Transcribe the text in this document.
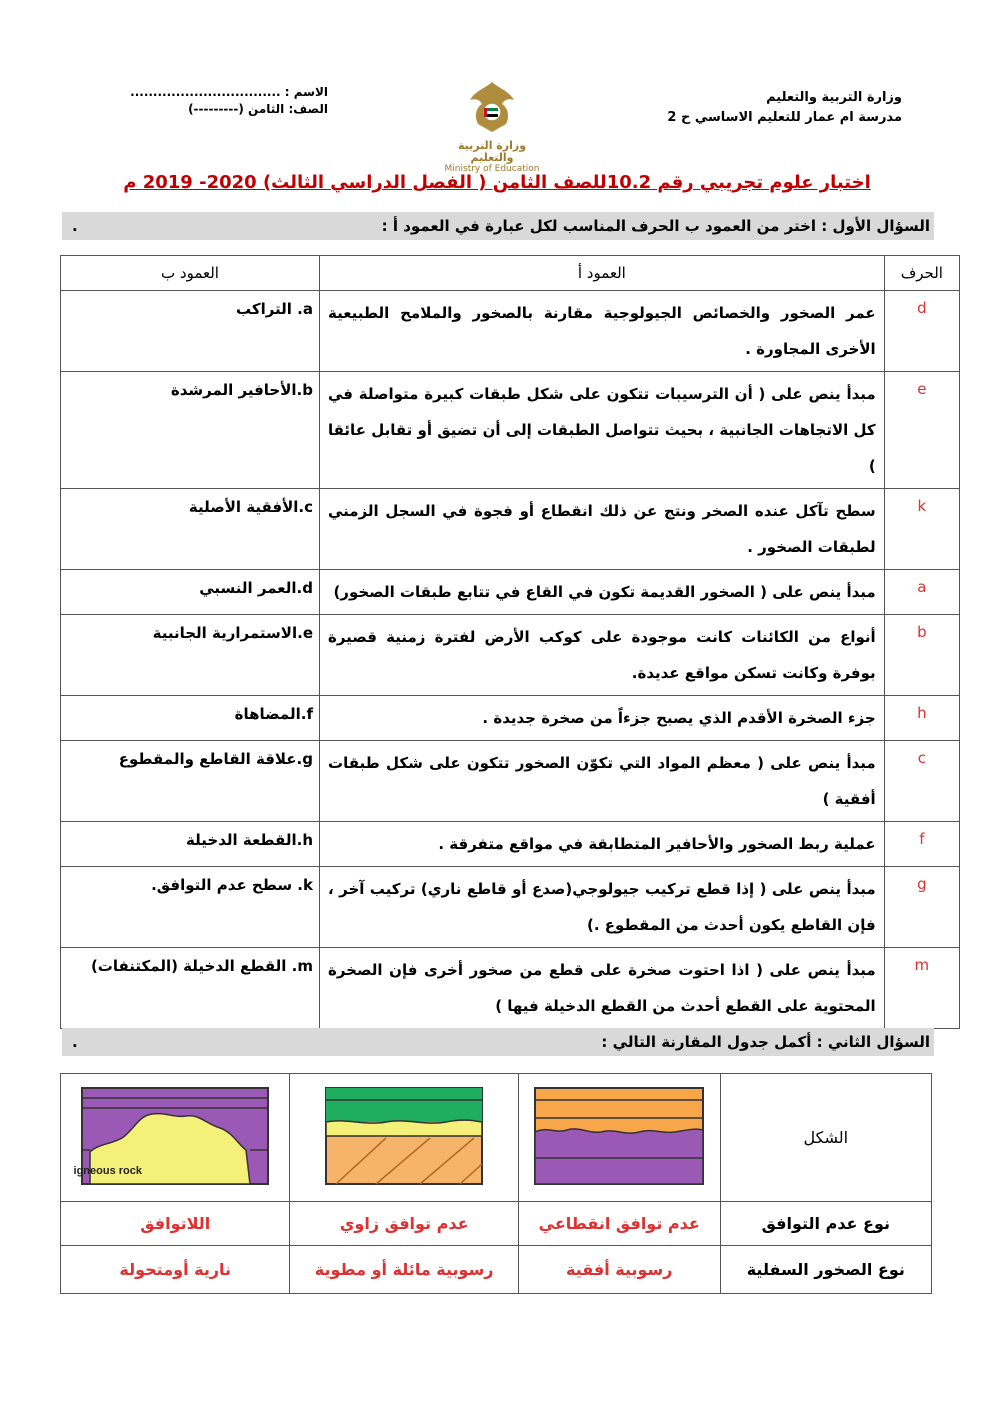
وزارة التربية والتعليم
مدرسة ام عمار للتعليم الاساسي ح 2
وزارة التربية والتعليم
Ministry of Education
الاسم : .................................
الصف: الثامن (---------)
اختبار علوم تجريبي رقم 10.2للصف الثامن ( الفصل الدراسي الثالث) 2020- 2019 م
السؤال الأول : اختر من العمود ب الحرف المناسب لكل عبارة في العمود أ :
.
الحرف	العمود أ	العمود ب
d	عمر الصخور والخصائص الجيولوجية مقارنة بالصخور والملامح الطبيعية الأخرى المجاورة .	a. التراكب
e	مبدأ ينص على ( أن الترسيبات تتكون على شكل طبقات كبيرة متواصلة في كل الاتجاهات الجانبية ، بحيث تتواصل الطبقات إلى أن تضيق أو تقابل عائقا )	b.الأحافير المرشدة
k	سطح تآكل عنده الصخر ونتج عن ذلك انقطاع أو فجوة في السجل الزمني لطبقات الصخور .	c.الأفقية الأصلية
a	مبدأ ينص على ( الصخور القديمة تكون في القاع في تتابع طبقات الصخور)	d.العمر النسبي
b	أنواع من الكائنات كانت موجودة على كوكب الأرض لفترة زمنية قصيرة بوفرة وكانت تسكن مواقع عديدة.	e.الاستمرارية الجانبية
h	جزء الصخرة الأقدم الذي يصبح جزءاً من صخرة جديدة .	f.المضاهاة
c	مبدأ ينص على ( معظم المواد التي تكوّن الصخور تتكون على شكل طبقات أفقية )	g.علاقة القاطع والمقطوع
f	عملية ربط الصخور والأحافير المتطابقة في مواقع متفرقة .	h.القطعة الدخيلة
g	مبدأ ينص على ( إذا قطع تركيب جيولوجي(صدع أو قاطع ناري) تركيب آخر ، فإن القاطع يكون أحدث من المقطوع .)	k. سطح عدم التوافق.
m	مبدأ ينص على ( اذا احتوت صخرة على قطع من صخور أخرى فإن الصخرة المحتوية على القطع أحدث من القطع الدخيلة فيها )	m. القطع الدخيلة (المكتنفات)
السؤال الثاني : أكمل جدول المقارنة التالي :
.
الشكل			igneous rock

نوع عدم التوافق	عدم توافق انقطاعي	عدم توافق زاوي	اللاتوافق
نوع الصخور السفلية	رسوبية أفقية	رسوبية مائلة أو مطوية	نارية أومتحولة
